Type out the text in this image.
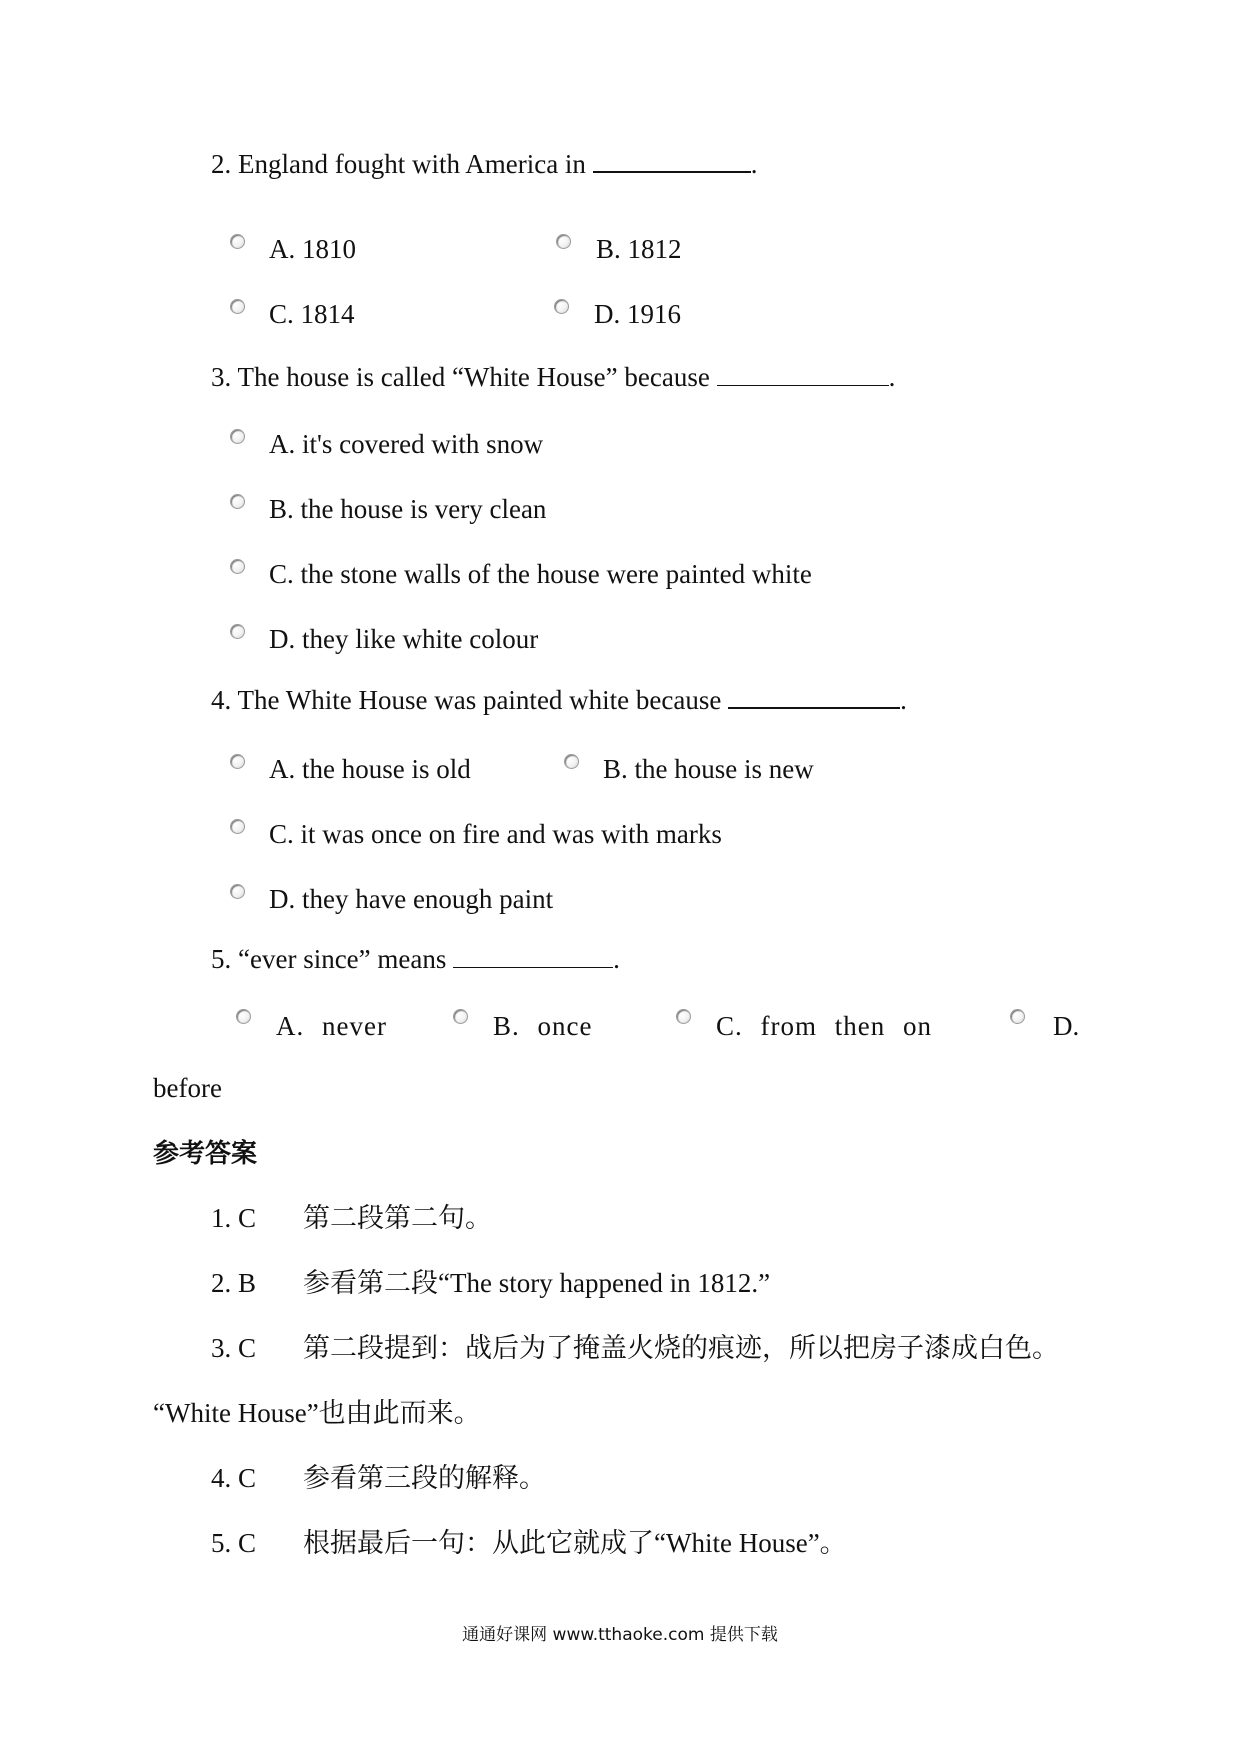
2. England fought with America in	.
A. 1810	B. 1812
C. 1814	D. 1916
3. The house is called “White House” because	.
A. it's covered with snow
B. the house is very clean
C. the stone walls of the house were painted white
D. they like white colour
4. The White House was painted white because	.
A. the house is old	B. the house is new
C. it was once on fire and was with marks
D. they have enough paint
5. “ever since” means	.
A. never	B. once	C. from then on	D.
before
参考答案
1. C 第二段第二句。
2. B 参看第二段“The story happened in 1812.”
3. C 第二段提到：战后为了掩盖火烧的痕迹，所以把房子漆成白色。
“White House”也由此而来。
4. C 参看第三段的解释。
5. C 根据最后一句：从此它就成了“White House”。
通通好课网 www.tthaoke.com 提供下载
